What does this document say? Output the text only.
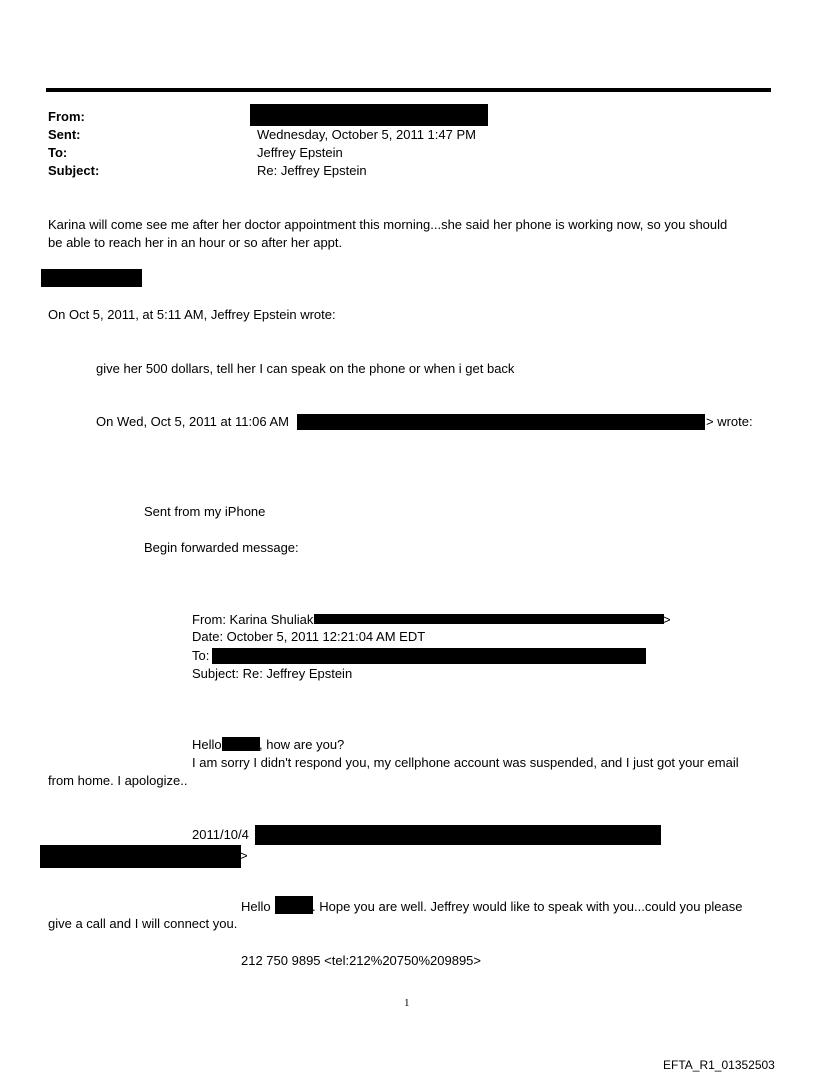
From:
Sent:	Wednesday, October 5, 2011 1:47 PM
To:	Jeffrey Epstein
Subject:	Re: Jeffrey Epstein
Karina will come see me after her doctor appointment this morning...she said her phone is working now, so you should
be able to reach her in an hour or so after her appt.
On Oct 5, 2011, at 5:11 AM, Jeffrey Epstein wrote:
give her 500 dollars, tell her I can speak on the phone or when i get back
On Wed, Oct 5, 2011 at 11:06 AM	> wrote:
Sent from my iPhone
Begin forwarded message:
From: Karina Shuliak	>
Date: October 5, 2011 12:21:04 AM EDT
To:
Subject: Re: Jeffrey Epstein
Hello	, how are you?
I am sorry I didn't respond you, my cellphone account was suspended, and I just got your email
from home. I apologize..
2011/10/4
>
Hello	. Hope you are well. Jeffrey would like to speak with you...could you please
give a call and I will connect you.
212 750 9895 <tel:212%20750%209895>
1
EFTA_R1_01352503
